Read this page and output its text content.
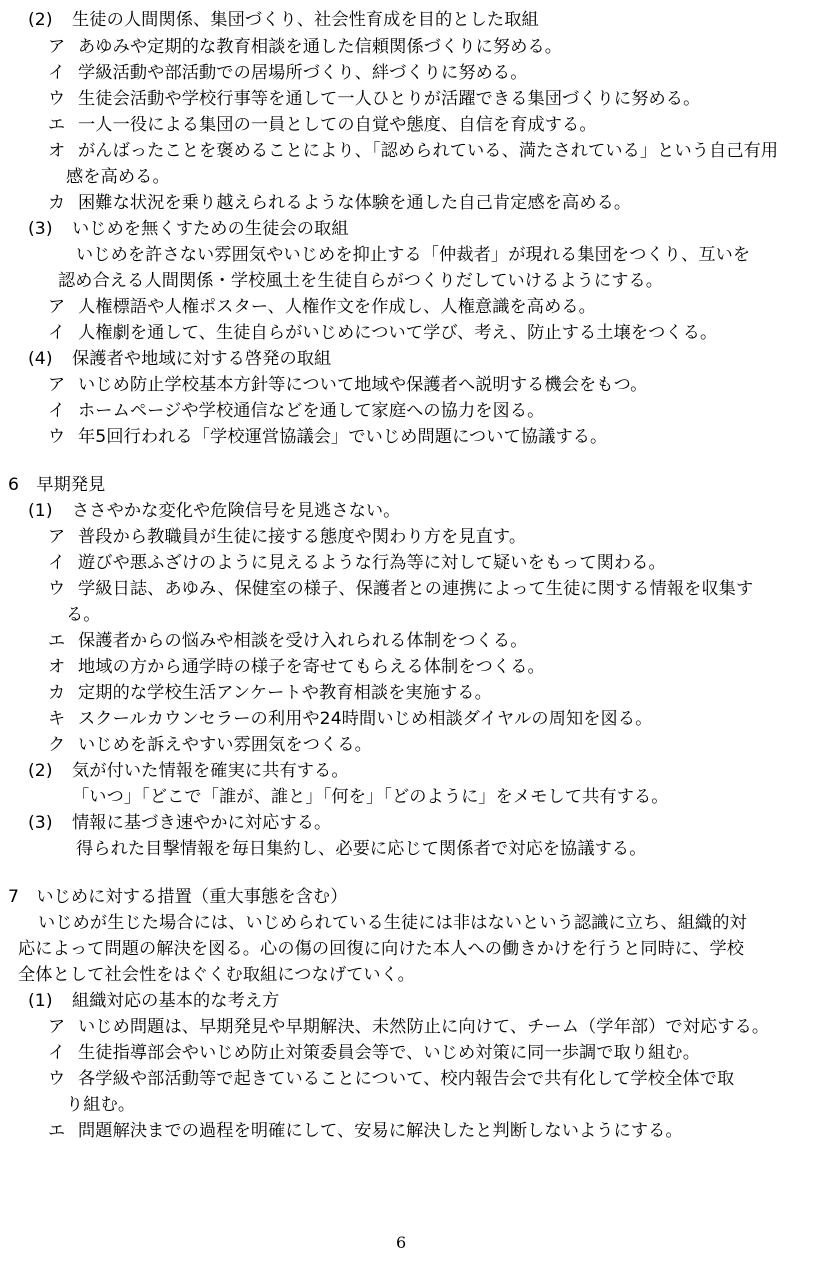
(2) 生徒の人間関係、集団づくり、社会性育成を目的とした取組
ア あゆみや定期的な教育相談を通した信頼関係づくりに努める。
イ 学級活動や部活動での居場所づくり、絆づくりに努める。
ウ 生徒会活動や学校行事等を通して一人ひとりが活躍できる集団づくりに努める。
エ 一人一役による集団の一員としての自覚や態度、自信を育成する。
オ がんばったことを褒めることにより、「認められている、満たされている」という自己有用
感を高める。
カ 困難な状況を乗り越えられるような体験を通した自己肯定感を高める。
(3) いじめを無くすための生徒会の取組
いじめを許さない雰囲気やいじめを抑止する「仲裁者」が現れる集団をつくり、互いを
認め合える人間関係・学校風土を生徒自らがつくりだしていけるようにする。
ア 人権標語や人権ポスター、人権作文を作成し、人権意識を高める。
イ 人権劇を通して、生徒自らがいじめについて学び、考え、防止する土壌をつくる。
(4) 保護者や地域に対する啓発の取組
ア いじめ防止学校基本方針等について地域や保護者へ説明する機会をもつ。
イ ホームページや学校通信などを通して家庭への協力を図る。
ウ 年5回行われる「学校運営協議会」でいじめ問題について協議する。
6　早期発見
(1) ささやかな変化や危険信号を見逃さない。
ア 普段から教職員が生徒に接する態度や関わり方を見直す。
イ 遊びや悪ふざけのように見えるような行為等に対して疑いをもって関わる。
ウ 学級日誌、あゆみ、保健室の様子、保護者との連携によって生徒に関する情報を収集す
る。
エ 保護者からの悩みや相談を受け入れられる体制をつくる。
オ 地域の方から通学時の様子を寄せてもらえる体制をつくる。
カ 定期的な学校生活アンケートや教育相談を実施する。
キ スクールカウンセラーの利用や24時間いじめ相談ダイヤルの周知を図る。
ク いじめを訴えやすい雰囲気をつくる。
(2) 気が付いた情報を確実に共有する。
「いつ」「どこで「誰が、誰と」「何を」「どのように」をメモして共有する。
(3) 情報に基づき速やかに対応する。
得られた目撃情報を毎日集約し、必要に応じて関係者で対応を協議する。
7　いじめに対する措置（重大事態を含む）
いじめが生じた場合には、いじめられている生徒には非はないという認識に立ち、組織的対
応によって問題の解決を図る。心の傷の回復に向けた本人への働きかけを行うと同時に、学校
全体として社会性をはぐくむ取組につなげていく。
(1) 組織対応の基本的な考え方
ア いじめ問題は、早期発見や早期解決、未然防止に向けて、チーム（学年部）で対応する。
イ 生徒指導部会やいじめ防止対策委員会等で、いじめ対策に同一歩調で取り組む。
ウ 各学級や部活動等で起きていることについて、校内報告会で共有化して学校全体で取
り組む。
エ 問題解決までの過程を明確にして、安易に解決したと判断しないようにする。
6
